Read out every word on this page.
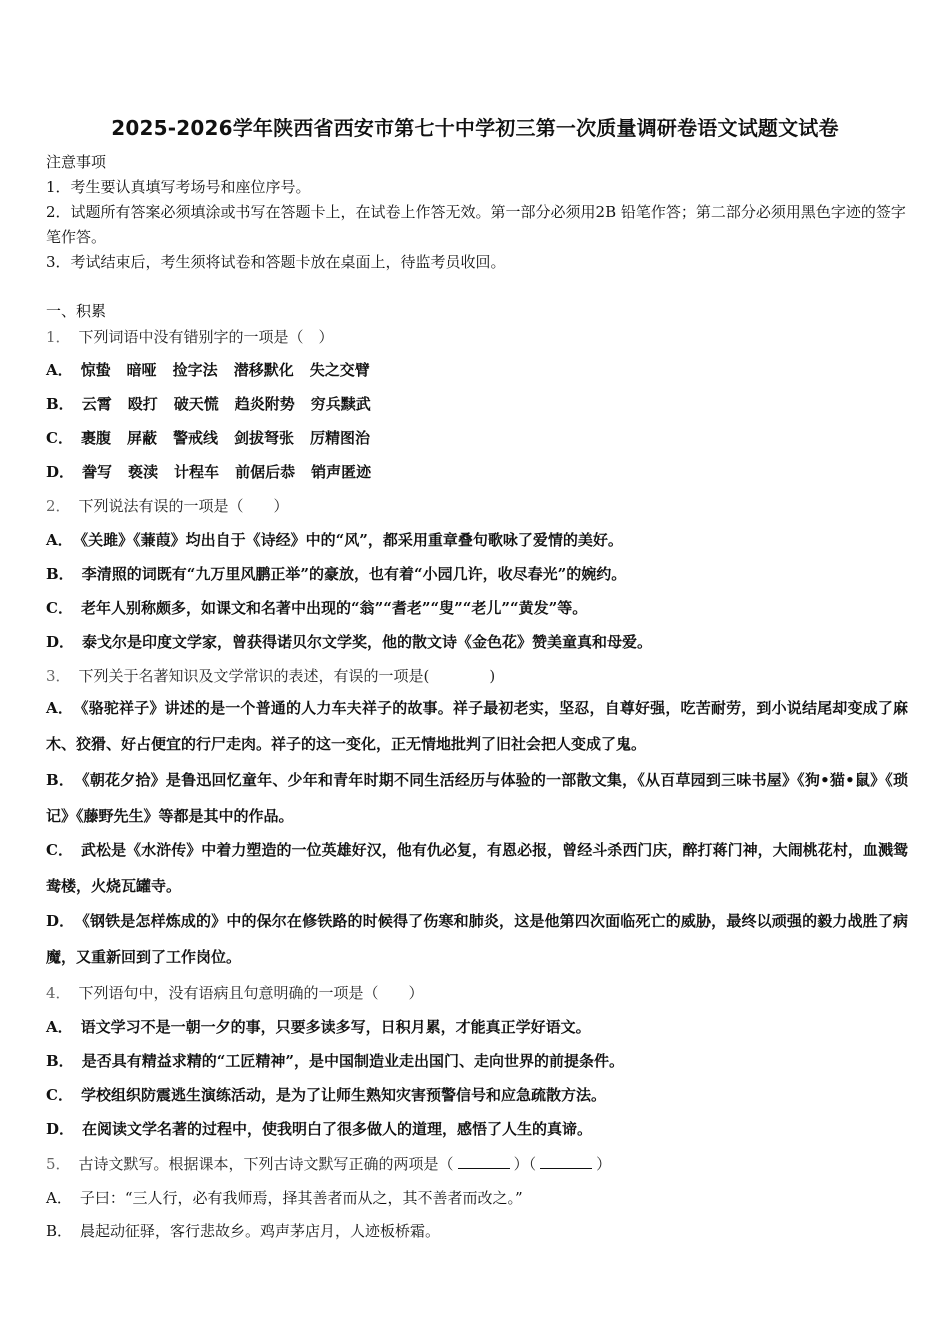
2025-2026学年陕西省西安市第七十中学初三第一次质量调研卷语文试题文试卷
注意事项
1．考生要认真填写考场号和座位序号。
2．试题所有答案必须填涂或书写在答题卡上，在试卷上作答无效。第一部分必须用2B 铅笔作答；第二部分必须用黑色字迹的签字笔作答。
3．考试结束后，考生须将试卷和答题卡放在桌面上，待监考员收回。
一、积累
1． 下列词语中没有错别字的一项是（　）
A． 惊蛰 暗哑 捡字法 潜移默化 失之交臂
B． 云霄 殴打 破天慌 趋炎附势 穷兵黩武
C． 裹腹 屏蔽 警戒线 剑拔弩张 厉精图治
D． 誊写 亵渎 计程车 前倨后恭 销声匿迹
2． 下列说法有误的一项是（　　）
A． 《关雎》《蒹葭》均出自于《诗经》中的“风”，都采用重章叠句歌咏了爱情的美好。
B． 李清照的词既有“九万里风鹏正举”的豪放，也有着“小园几许，收尽春光”的婉约。
C． 老年人别称颇多，如课文和名著中出现的“翁”“耆老”“叟”“老儿”“黄发”等。
D． 泰戈尔是印度文学家，曾获得诺贝尔文学奖，他的散文诗《金色花》赞美童真和母爱。
3． 下列关于名著知识及文学常识的表述，有误的一项是(　　　　)
A． 《骆驼祥子》讲述的是一个普通的人力车夫祥子的故事。祥子最初老实，坚忍，自尊好强，吃苦耐劳，到小说结尾却变成了麻木、狡猾、好占便宜的行尸走肉。祥子的这一变化，正无情地批判了旧社会把人变成了鬼。
B． 《朝花夕拾》是鲁迅回忆童年、少年和青年时期不同生活经历与体验的一部散文集，《从百草园到三味书屋》《狗•猫•鼠》《琐记》《藤野先生》等都是其中的作品。
C． 武松是《水浒传》中着力塑造的一位英雄好汉，他有仇必复，有恩必报，曾经斗杀西门庆，醉打蒋门神，大闹桃花村，血溅鸳鸯楼，火烧瓦罐寺。
D． 《钢铁是怎样炼成的》中的保尔在修铁路的时候得了伤寒和肺炎，这是他第四次面临死亡的威胁，最终以顽强的毅力战胜了病魔，又重新回到了工作岗位。
4． 下列语句中，没有语病且句意明确的一项是（　　）
A． 语文学习不是一朝一夕的事，只要多读多写，日积月累，才能真正学好语文。
B． 是否具有精益求精的“工匠精神”，是中国制造业走出国门、走向世界的前提条件。
C． 学校组织防震逃生演练活动，是为了让师生熟知灾害预警信号和应急疏散方法。
D． 在阅读文学名著的过程中，使我明白了很多做人的道理，感悟了人生的真谛。
5． 古诗文默写。根据课本，下列古诗文默写正确的两项是（	）（	）
A． 子曰：“三人行，必有我师焉，择其善者而从之，其不善者而改之。”
B． 晨起动征驿，客行悲故乡。鸡声茅店月，人迹板桥霜。
